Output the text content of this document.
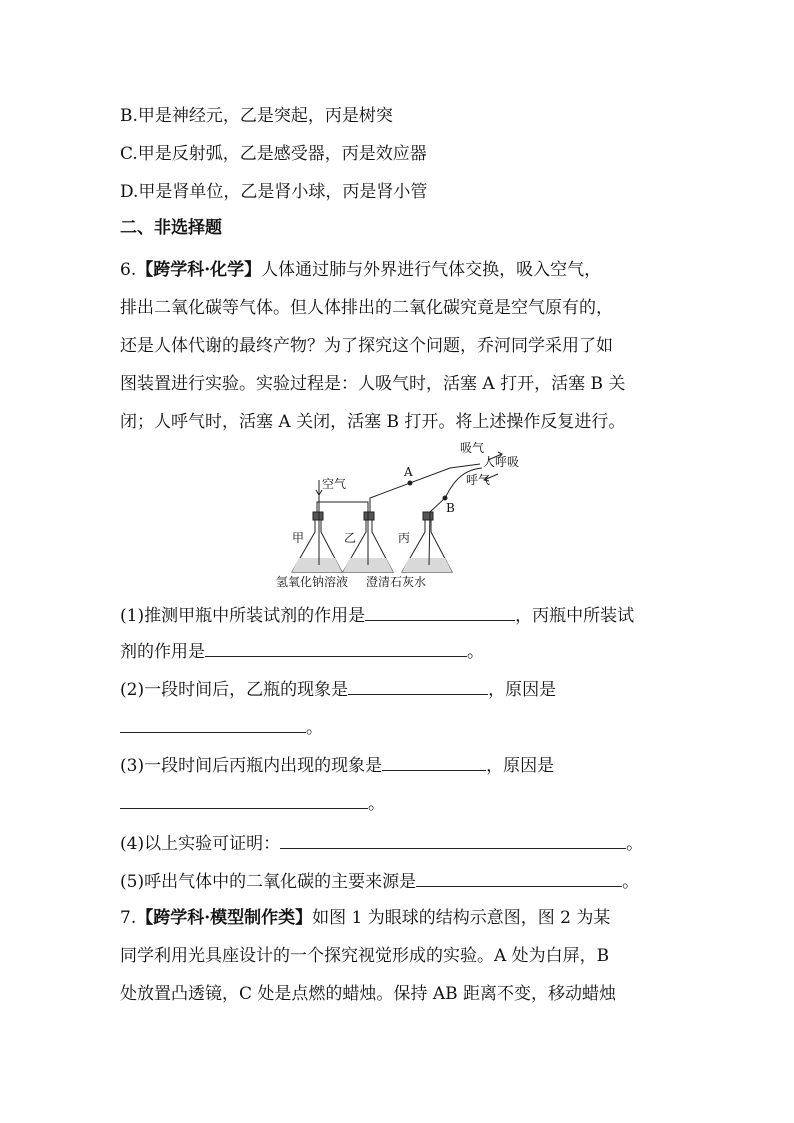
B.甲是神经元，乙是突起，丙是树突
C.甲是反射弧，乙是感受器，丙是效应器
D.甲是肾单位，乙是肾小球，丙是肾小管
二、非选择题
6.【跨学科·化学】人体通过肺与外界进行气体交换，吸入空气，
排出二氧化碳等气体。但人体排出的二氧化碳究竟是空气原有的，
还是人体代谢的最终产物？为了探究这个问题，乔河同学采用了如
图装置进行实验。实验过程是：人吸气时，活塞 A 打开，活塞 B 关
闭；人呼气时，活塞 A 关闭，活塞 B 打开。将上述操作反复进行。
空气
吸气
人呼吸
呼气
A
B
甲	乙	丙
氢氧化钠溶液 澄清石灰水
(1)推测甲瓶中所装试剂的作用是	，丙瓶中所装试
剂的作用是	。
(2)一段时间后，乙瓶的现象是	，原因是
。
(3)一段时间后丙瓶内出现的现象是	，原因是
。
(4)以上实验可证明：	。
(5)呼出气体中的二氧化碳的主要来源是	。
7.【跨学科·模型制作类】如图 1 为眼球的结构示意图，图 2 为某
同学利用光具座设计的一个探究视觉形成的实验。A 处为白屏，B
处放置凸透镜，C 处是点燃的蜡烛。保持 AB 距离不变，移动蜡烛
